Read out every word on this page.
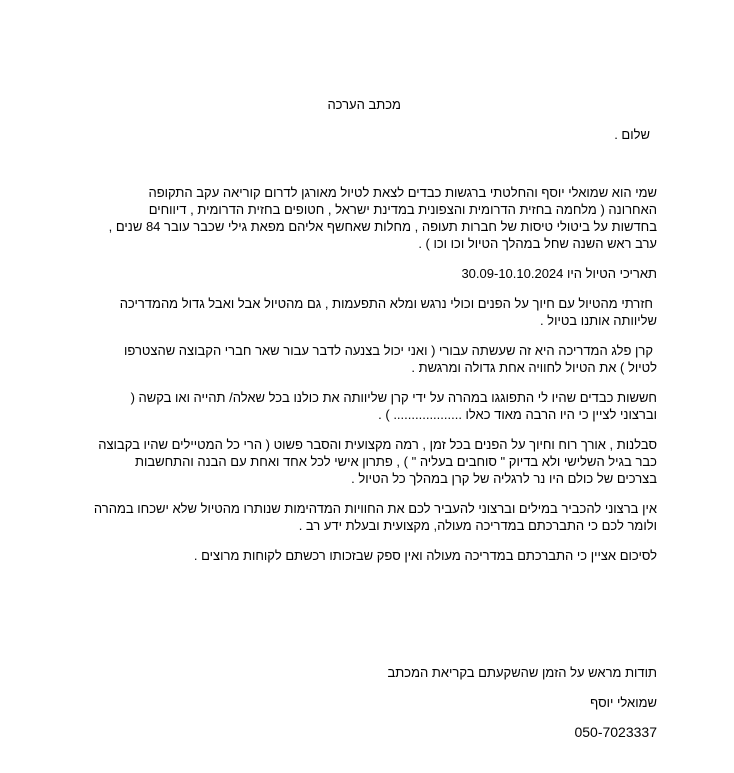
מכתב הערכה

שלום .

שמי הוא שמואלי יוסף והחלטתי ברגשות כבדים לצאת לטיול מאורגן לדרום קוריאה עקב התקופה

האחרונה ( מלחמה בחזית הדרומית והצפונית במדינת ישראל , חטופים בחזית הדרומית , דיווחים

בחדשות על ביטולי טיסות של חברות תעופה , מחלות שאחשף אליהם מפאת גילי שכבר עובר 84 שנים ,

ערב ראש השנה שחל במהלך הטיול וכו וכו ) .

תאריכי הטיול היו 30.09-10.10.2024

חזרתי מהטיול עם חיוך על הפנים וכולי נרגש ומלא התפעמות , גם מהטיול אבל ואבל גדול מהמדריכה

שליוותה אותנו בטיול .

קרן פלג המדריכה היא זה שעשתה עבורי ( ואני יכול בצנעה לדבר עבור שאר חברי הקבוצה שהצטרפו

לטיול ) את הטיול לחוויה אחת גדולה ומרגשת .

חששות כבדים שהיו לי התפוגגו במהרה על ידי קרן שליוותה את כולנו בכל שאלה/ תהייה ואו בקשה (

וברצוני לציין כי היו הרבה מאוד כאלו ................... ) .

סבלנות , אורך רוח וחיוך על הפנים בכל זמן , רמה מקצועית והסבר פשוט ( הרי כל המטיילים שהיו בקבוצה

כבר בגיל השלישי ולא בדיוק " סוחבים בעליה " ) , פתרון אישי לכל אחד ואחת עם הבנה והתחשבות

בצרכים של כולם היו נר לרגליה של קרן במהלך כל הטיול .

אין ברצוני להכביר במילים וברצוני להעביר לכם את החוויות המדהימות שנותרו מהטיול שלא ישכחו במהרה

ולומר לכם כי התברכתם במדריכה מעולה, מקצועית ובעלת ידע רב .

לסיכום אציין כי התברכתם במדריכה מעולה ואין ספק שבזכותו רכשתם לקוחות מרוצים .

תודות מראש על הזמן שהשקעתם בקריאת המכתב

שמואלי יוסף

050-7023337
